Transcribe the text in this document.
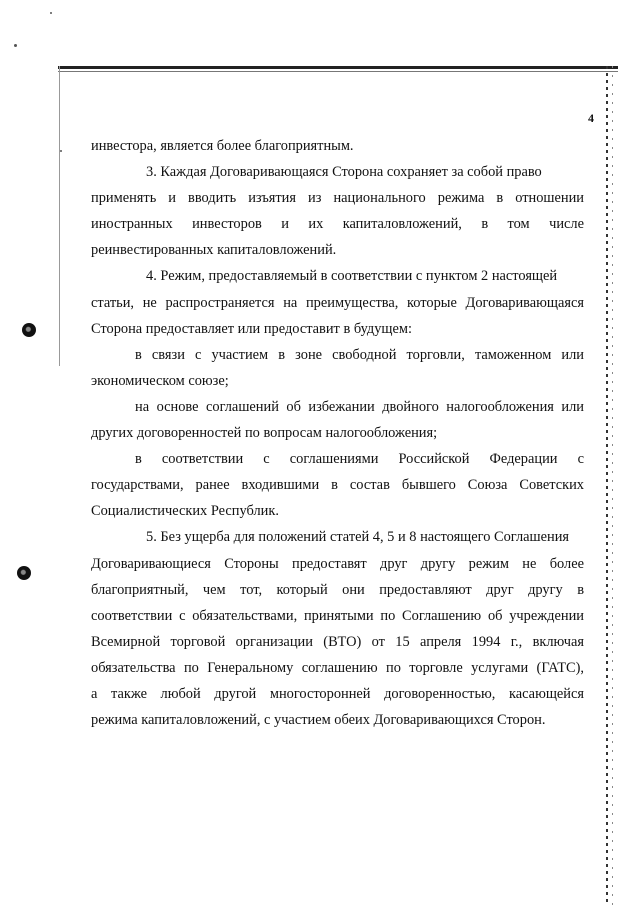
4
инвестора, является более благоприятным.
3. Каждая Договаривающаяся Сторона сохраняет за собой право
применять и вводить изъятия из национального режима в отношении
иностранных инвесторов и их капиталовложений, в том числе
реинвестированных капиталовложений.
4. Режим, предоставляемый в соответствии с пунктом 2 настоящей
статьи, не распространяется на преимущества, которые Договаривающаяся
Сторона предоставляет или предоставит в будущем:
в связи с участием в зоне свободной торговли, таможенном или
экономическом союзе;
на основе соглашений об избежании двойного налогообложения или
других договоренностей по вопросам налогообложения;
в соответствии с соглашениями Российской Федерации с
государствами, ранее входившими в состав бывшего Союза Советских
Социалистических Республик.
5. Без ущерба для положений статей 4, 5 и 8 настоящего Соглашения
Договаривающиеся Стороны предоставят друг другу режим не более
благоприятный, чем тот, который они предоставляют друг другу в
соответствии с обязательствами, принятыми по Соглашению об учреждении
Всемирной торговой организации (ВТО) от 15 апреля 1994 г., включая
обязательства по Генеральному соглашению по торговле услугами (ГАТС),
а также любой другой многосторонней договоренностью, касающейся
режима капиталовложений, с участием обеих Договаривающихся Сторон.
